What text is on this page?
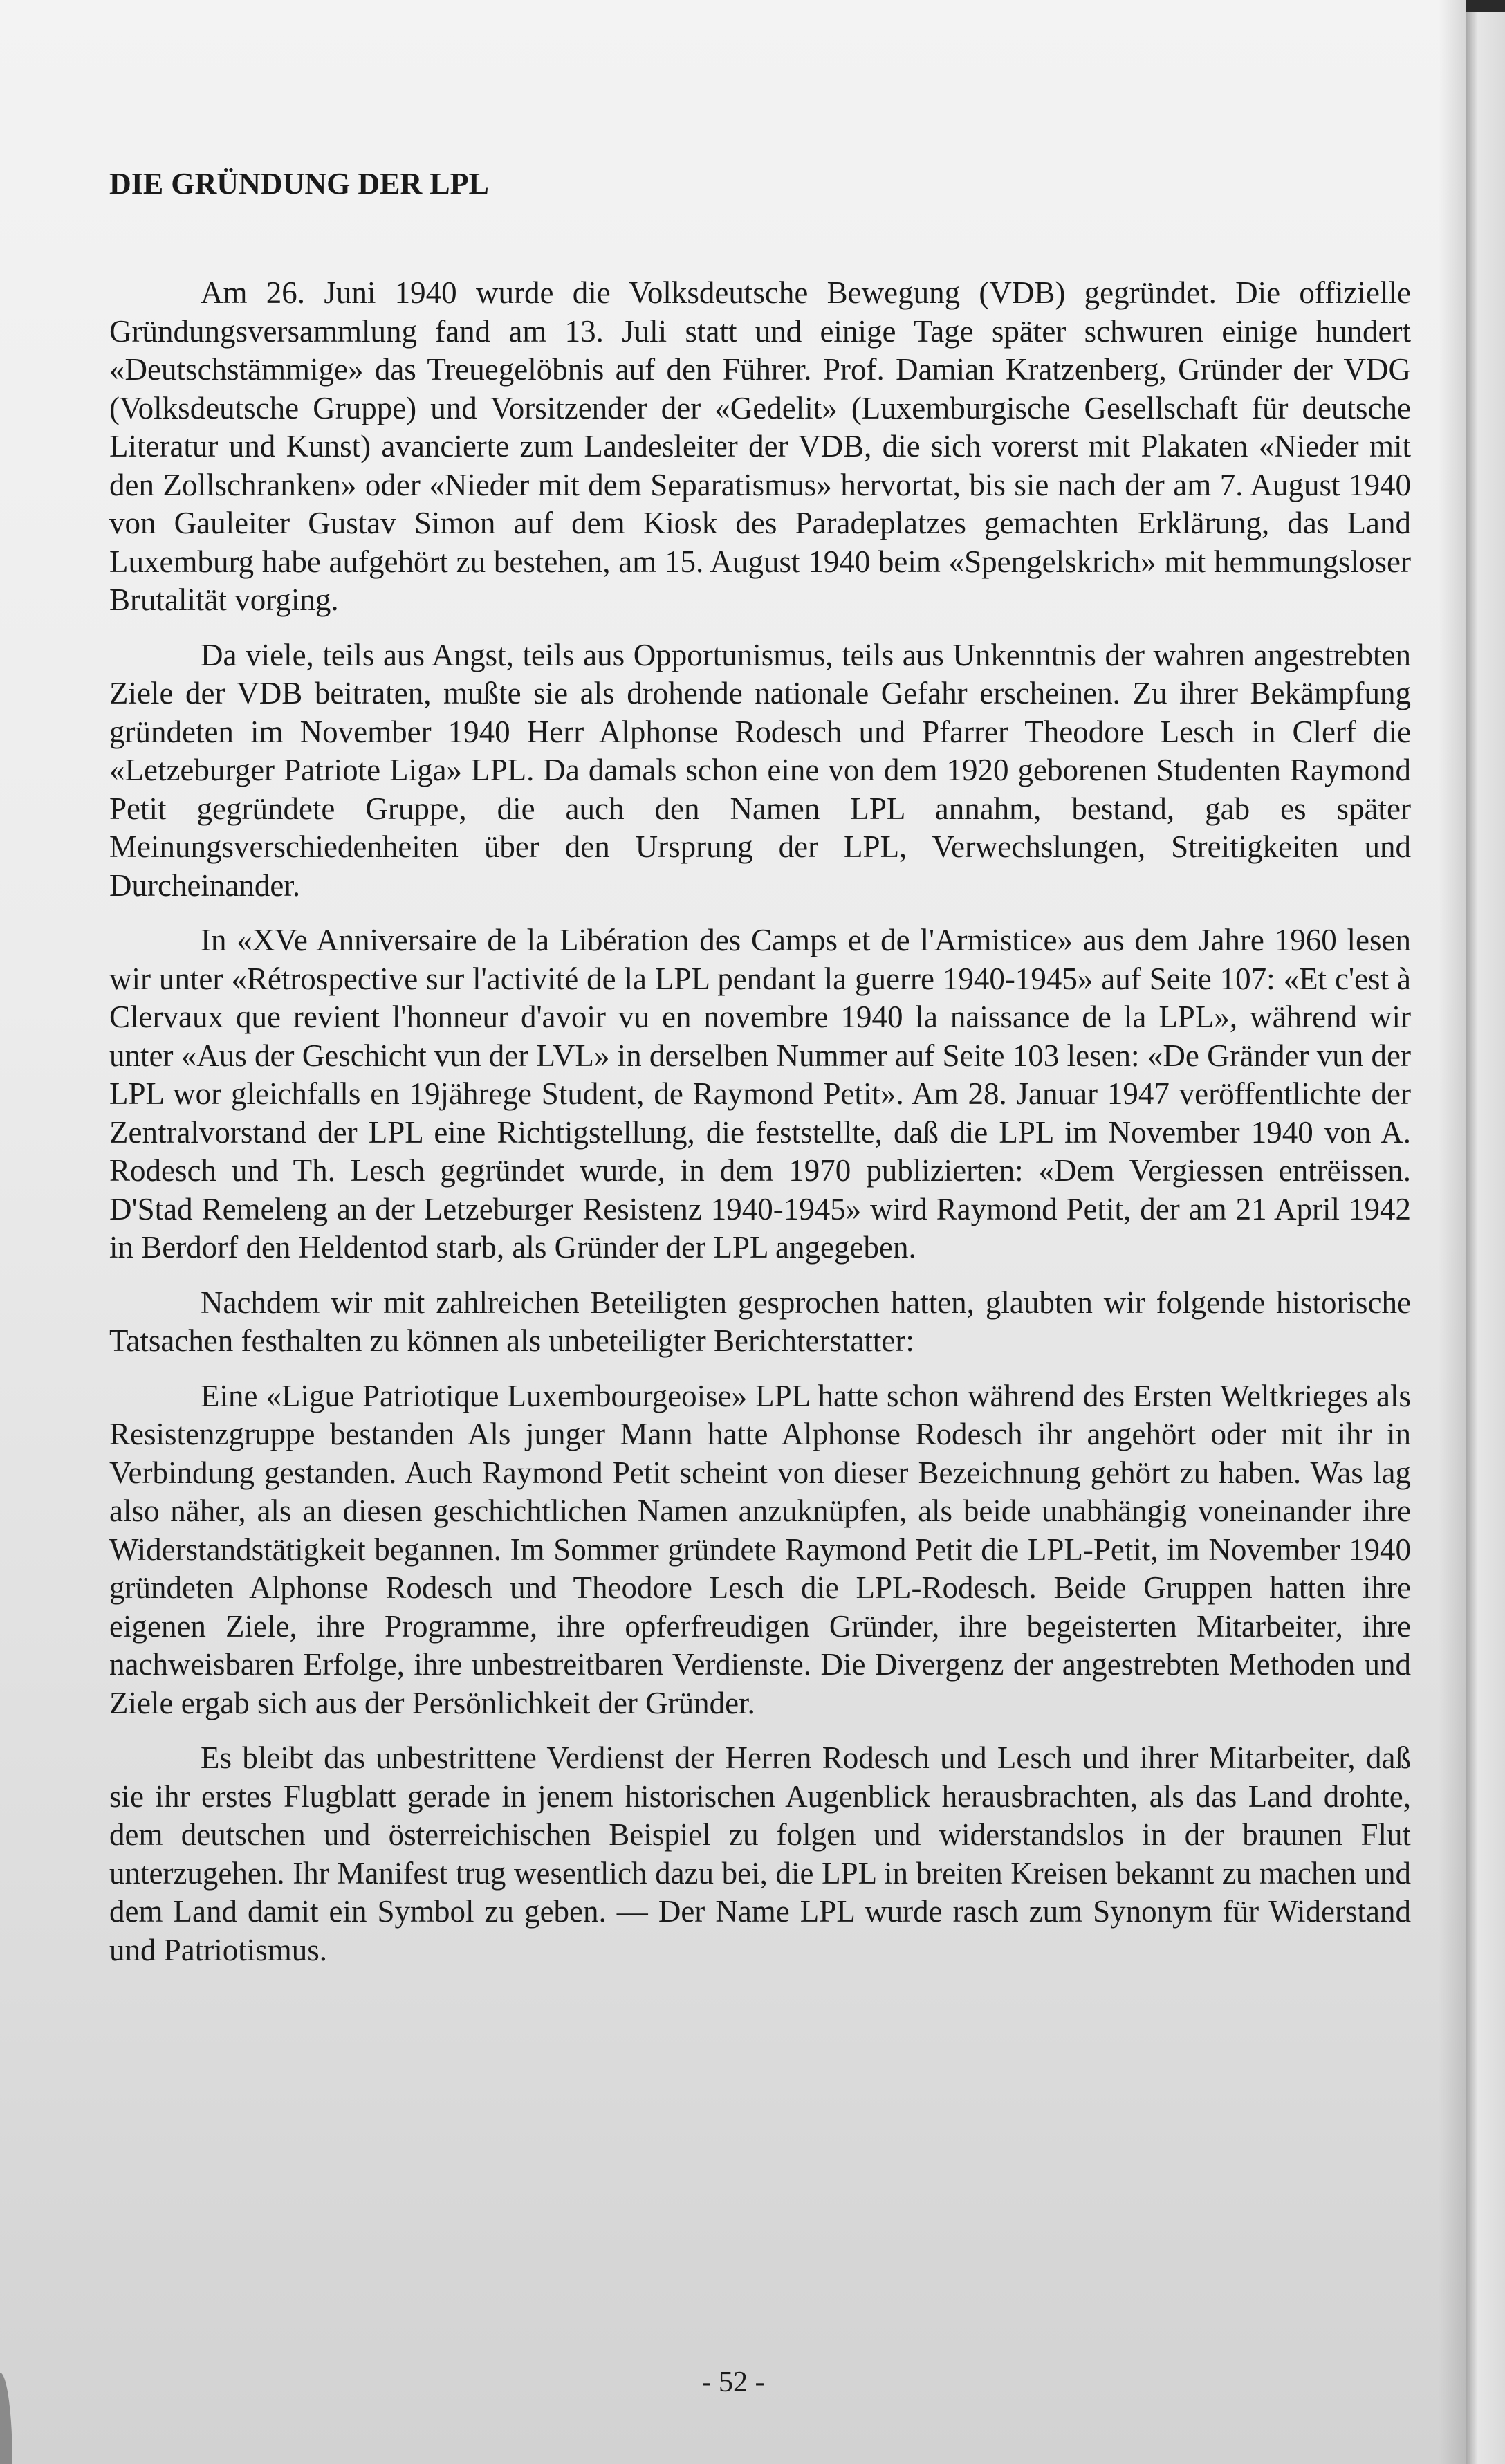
DIE GRÜNDUNG DER LPL

Am 26. Juni 1940 wurde die Volksdeutsche Bewegung (VDB) gegründet. Die offizielle Gründungsversammlung fand am 13. Juli statt und einige Tage später schwuren einige hundert «Deutschstämmige» das Treuegelöbnis auf den Führer. Prof. Damian Kratzenberg, Gründer der VDG (Volksdeutsche Gruppe) und Vorsitzender der «Gedelit» (Luxemburgische Gesellschaft für deutsche Literatur und Kunst) avancierte zum Landesleiter der VDB, die sich vorerst mit Plakaten «Nieder mit den Zollschranken» oder «Nieder mit dem Separatismus» hervortat, bis sie nach der am 7. August 1940 von Gauleiter Gustav Simon auf dem Kiosk des Paradeplatzes gemachten Erklärung, das Land Luxemburg habe aufgehört zu bestehen, am 15. August 1940 beim «Spengelskrich» mit hemmungsloser Brutalität vorging.

Da viele, teils aus Angst, teils aus Opportunismus, teils aus Unkenntnis der wahren angestrebten Ziele der VDB beitraten, mußte sie als drohende nationale Gefahr erscheinen. Zu ihrer Bekämpfung gründeten im November 1940 Herr Alphonse Rodesch und Pfarrer Theodore Lesch in Clerf die «Letzeburger Patriote Liga» LPL. Da damals schon eine von dem 1920 geborenen Studenten Raymond Petit gegründete Gruppe, die auch den Namen LPL annahm, bestand, gab es später Meinungsverschiedenheiten über den Ursprung der LPL, Verwechslungen, Streitigkeiten und Durcheinander.

In «XVe Anniversaire de la Libération des Camps et de l'Armistice» aus dem Jahre 1960 lesen wir unter «Rétrospective sur l'activité de la LPL pendant la guerre 1940-1945» auf Seite 107: «Et c'est à Clervaux que revient l'honneur d'avoir vu en novembre 1940 la naissance de la LPL», während wir unter «Aus der Geschicht vun der LVL» in derselben Nummer auf Seite 103 lesen: «De Gränder vun der LPL wor gleichfalls en 19jährege Student, de Raymond Petit». Am 28. Januar 1947 veröffentlichte der Zentralvorstand der LPL eine Richtigstellung, die feststellte, daß die LPL im November 1940 von A. Rodesch und Th. Lesch gegründet wurde, in dem 1970 publizierten: «Dem Vergiessen entrëissen. D'Stad Remeleng an der Letzeburger Resistenz 1940-1945» wird Raymond Petit, der am 21 April 1942 in Berdorf den Heldentod starb, als Gründer der LPL angegeben.

Nachdem wir mit zahlreichen Beteiligten gesprochen hatten, glaubten wir folgende historische Tatsachen festhalten zu können als unbeteiligter Berichterstatter:

Eine «Ligue Patriotique Luxembourgeoise» LPL hatte schon während des Ersten Weltkrieges als Resistenzgruppe bestanden Als junger Mann hatte Alphonse Rodesch ihr angehört oder mit ihr in Verbindung gestanden. Auch Raymond Petit scheint von dieser Bezeichnung gehört zu haben. Was lag also näher, als an diesen geschichtlichen Namen anzuknüpfen, als beide unabhängig voneinander ihre Widerstandstätigkeit begannen. Im Sommer gründete Raymond Petit die LPL-Petit, im November 1940 gründeten Alphonse Rodesch und Theodore Lesch die LPL-Rodesch. Beide Gruppen hatten ihre eigenen Ziele, ihre Programme, ihre opferfreudigen Gründer, ihre begeisterten Mitarbeiter, ihre nachweisbaren Erfolge, ihre unbestreitbaren Verdienste. Die Divergenz der angestrebten Methoden und Ziele ergab sich aus der Persönlichkeit der Gründer.

Es bleibt das unbestrittene Verdienst der Herren Rodesch und Lesch und ihrer Mitarbeiter, daß sie ihr erstes Flugblatt gerade in jenem historischen Augenblick herausbrachten, als das Land drohte, dem deutschen und österreichischen Beispiel zu folgen und widerstandslos in der braunen Flut unterzugehen. Ihr Manifest trug wesentlich dazu bei, die LPL in breiten Kreisen bekannt zu machen und dem Land damit ein Symbol zu geben. — Der Name LPL wurde rasch zum Synonym für Widerstand und Patriotismus.

- 52 -
